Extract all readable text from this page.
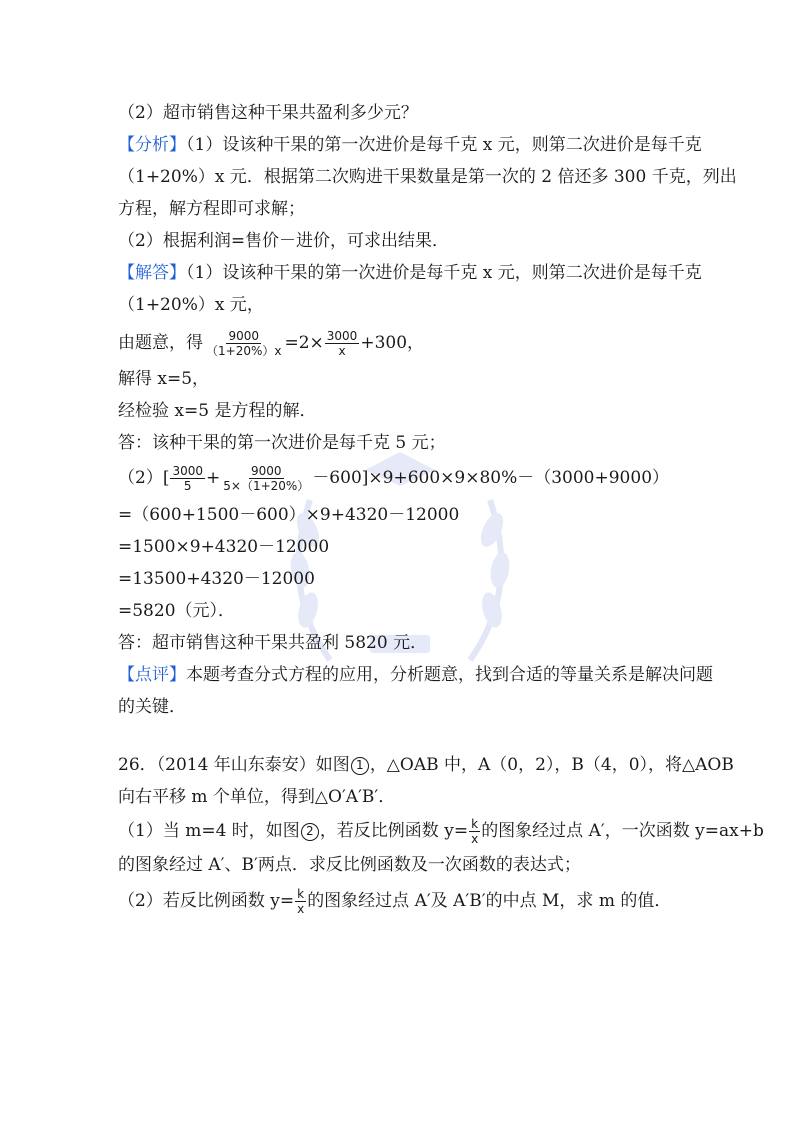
（2）超市销售这种干果共盈利多少元？
【分析】（1）设该种干果的第一次进价是每千克 x 元，则第二次进价是每千克
（1+20%）x 元．根据第二次购进干果数量是第一次的 2 倍还多 300 千克，列出
方程，解方程即可求解；
（2）根据利润=售价－进价，可求出结果．
【解答】（1）设该种干果的第一次进价是每千克 x 元，则第二次进价是每千克
（1+20%）x 元，
由题意，得 $\frac{9000}{(1+20\%)x} =2\times \frac{3000}{x} +300$，
解得 x=5，
经检验 x=5 是方程的解．
答：该种干果的第一次进价是每千克 5 元；
$(2)[ \frac{3000}{5} + \frac{9000}{5\times(1+20\%)} -600]\times 9+600\times 9\times 80\%-(3000+9000)$
=（600+1500－600）×9+4320－12000
=1500×9+4320－12000
=13500+4320－12000
=5820（元）．
答：超市销售这种干果共盈利 5820 元．
【点评】本题考查分式方程的应用，分析题意，找到合适的等量关系是解决问题
的关键．
26．（2014 年山东泰安）如图 1 ，△OAB 中，A（0，2），B（4，0），将△AOB
向右平移 m 个单位，得到△O′A′B′．
（1）当 m=4 时，如图 2 ，若反比例函数 $y= \frac{k}{x}$ 的图象经过点 A′，一次函数 y=ax+b
的图象经过 A′、B′两点．求反比例函数及一次函数的表达式；
（2）若反比例函数 $y= \frac{k}{x}$ 的图象经过点 A′及 A′B′的中点 M，求 m 的值．
